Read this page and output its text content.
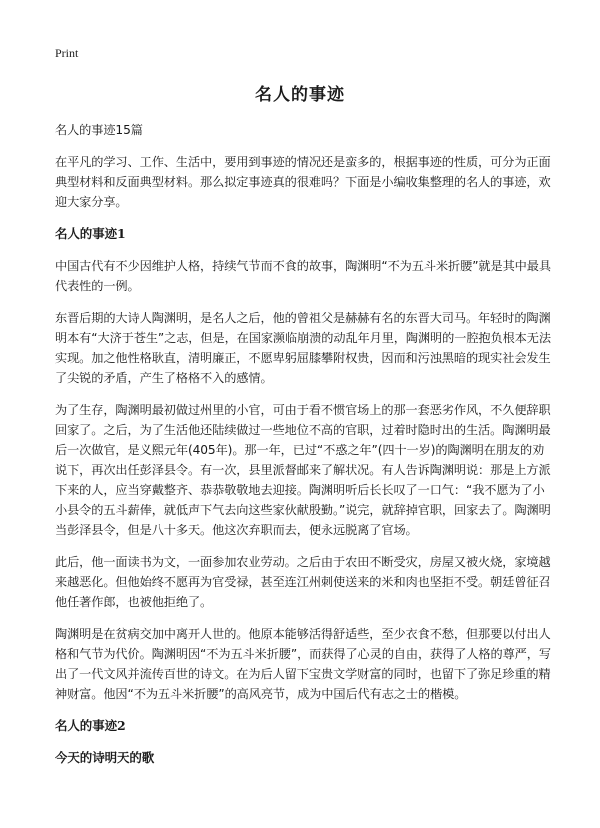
Print
名人的事迹

名人的事迹15篇

在平凡的学习、工作、生活中，要用到事迹的情况还是蛮多的，根据事迹的性质，可分为正面典型材料和反面典型材料。那么拟定事迹真的很难吗？下面是小编收集整理的名人的事迹，欢迎大家分享。

名人的事迹1

中国古代有不少因维护人格，持续气节而不食的故事，陶渊明“不为五斗米折腰”就是其中最具代表性的一例。

东晋后期的大诗人陶渊明，是名人之后，他的曾祖父是赫赫有名的东晋大司马。年轻时的陶渊明本有“大济于苍生”之志，但是，在国家濒临崩溃的动乱年月里，陶渊明的一腔抱负根本无法实现。加之他性格耿直，清明廉正，不愿卑躬屈膝攀附权贵，因而和污浊黑暗的现实社会发生了尖锐的矛盾，产生了格格不入的感情。

为了生存，陶渊明最初做过州里的小官，可由于看不惯官场上的那一套恶劣作风，不久便辞职回家了。之后，为了生活他还陆续做过一些地位不高的官职，过着时隐时出的生活。陶渊明最后一次做官，是义熙元年(405年)。那一年，已过“不惑之年”(四十一岁)的陶渊明在朋友的劝说下，再次出任彭泽县令。有一次，县里派督邮来了解状况。有人告诉陶渊明说：那是上方派下来的人，应当穿戴整齐、恭恭敬敬地去迎接。陶渊明听后长长叹了一口气：“我不愿为了小小县令的五斗薪俸，就低声下气去向这些家伙献殷勤。”说完，就辞掉官职，回家去了。陶渊明当彭泽县令，但是八十多天。他这次弃职而去，便永远脱离了官场。

此后，他一面读书为文，一面参加农业劳动。之后由于农田不断受灾，房屋又被火烧，家境越来越恶化。但他始终不愿再为官受禄，甚至连江州刺使送来的米和肉也坚拒不受。朝廷曾征召他任著作郎，也被他拒绝了。

陶渊明是在贫病交加中离开人世的。他原本能够活得舒适些，至少衣食不愁，但那要以付出人格和气节为代价。陶渊明因“不为五斗米折腰”，而获得了心灵的自由，获得了人格的尊严，写出了一代文风并流传百世的诗文。在为后人留下宝贵文学财富的同时，也留下了弥足珍重的精神财富。他因“不为五斗米折腰”的高风亮节，成为中国后代有志之士的楷模。

名人的事迹2
今天的诗明天的歌
